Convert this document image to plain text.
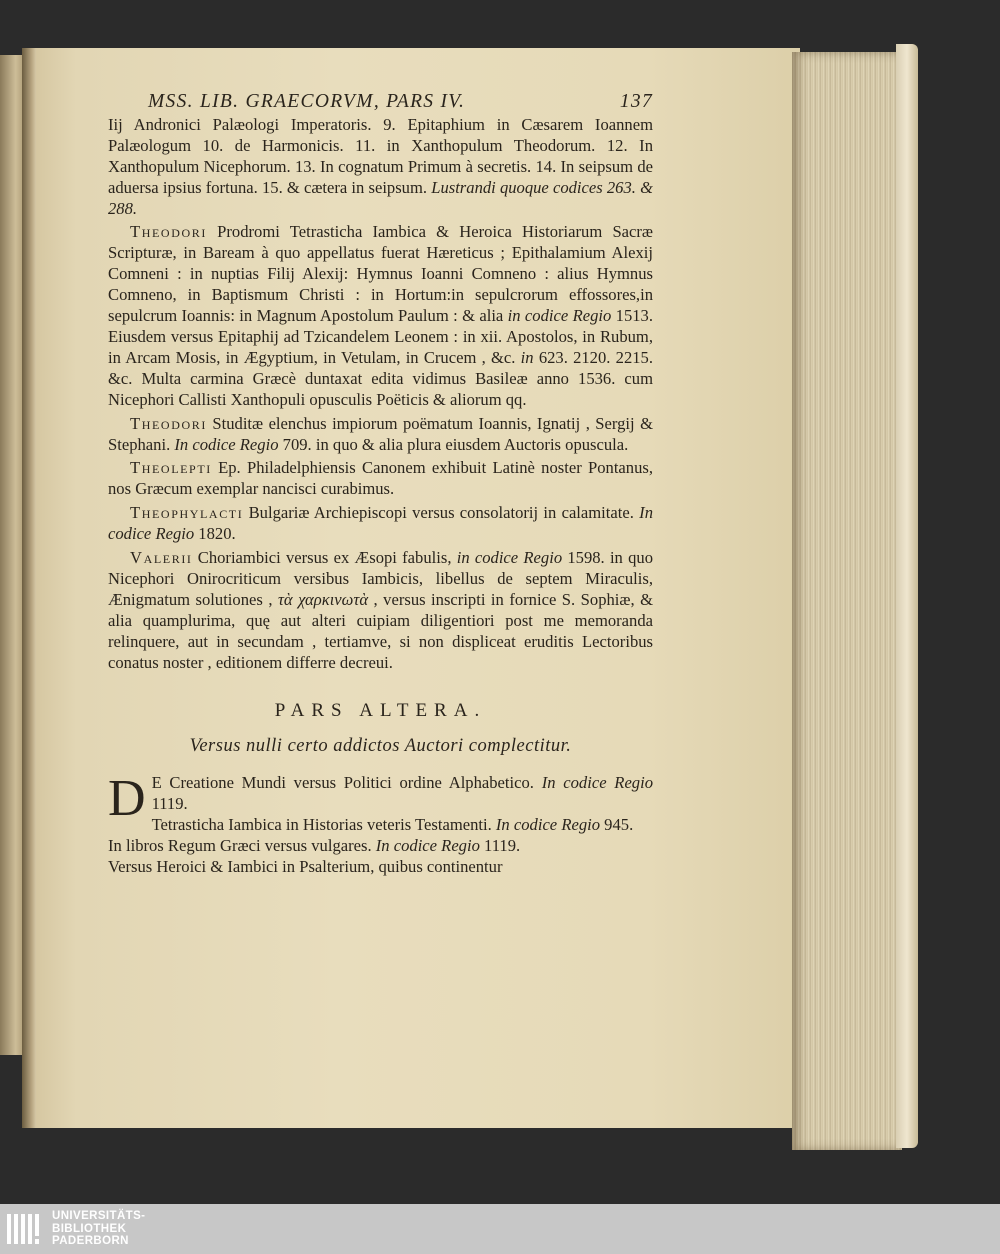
MSS. LIB. GRAECORVM, PARS IV.	137

Iij Andronici Palæologi Imperatoris. 9. Epitaphium in Cæsarem Ioannem Palæologum 10. de Harmonicis. 11. in Xanthopulum Theodorum. 12. In Xanthopulum Nicephorum. 13. In cognatum Primum à secretis. 14. In seipsum de aduersa ipsius fortuna. 15. & cætera in seipsum. Lustrandi quoque codices 263. & 288.

Theodori Prodromi Tetrasticha Iambica & Heroica Historiarum Sacræ Scripturæ, in Baream à quo appellatus fuerat Hæreticus ; Epithalamium Alexij Comneni : in nuptias Filij Alexij: Hymnus Ioanni Comneno : alius Hymnus Comneno, in Baptismum Christi : in Hortum:in sepulcrorum effossores,in sepulcrum Ioannis: in Magnum Apostolum Paulum : & alia in codice Regio 1513. Eiusdem versus Epitaphij ad Tzicandelem Leonem : in xii. Apostolos, in Rubum, in Arcam Mosis, in Ægyptium, in Vetulam, in Crucem , &c. in 623. 2120. 2215. &c. Multa carmina Græcè duntaxat edita vidimus Basileæ anno 1536. cum Nicephori Callisti Xanthopuli opusculis Poëticis & aliorum qq.

Theodori Studitæ elenchus impiorum poëmatum Ioannis, Ignatij , Sergij & Stephani. In codice Regio 709. in quo & alia plura eiusdem Auctoris opuscula.

Theolepti Ep. Philadelphiensis Canonem exhibuit Latinè noster Pontanus, nos Græcum exemplar nancisci curabimus.

Theophylacti Bulgariæ Archiepiscopi versus consolatorij in calamitate. In codice Regio 1820.

Valerii Choriambici versus ex Æsopi fabulis, in codice Regio 1598. in quo Nicephori Onirocriticum versibus Iambicis, libellus de septem Miraculis, Ænigmatum solutiones , τὰ χαρκινωτὰ , versus inscripti in fornice S. Sophiæ, & alia quamplurima, quę aut alteri cuipiam diligentiori post me memoranda relinquere, aut in secundam , tertiamve, si non displiceat eruditis Lectoribus conatus noster , editionem differre decreui.

PARS ALTERA.
Versus nulli certo addictos Auctori complectitur.

D E Creatione Mundi versus Politici ordine Alphabetico. In codice Regio 1119.

Tetrasticha Iambica in Historias veteris Testamenti. In codice Regio 945.

In libros Regum Græci versus vulgares. In codice Regio 1119.

Versus Heroici & Iambici in Psalterium, quibus continentur

UNIVERSITÄTS-
BIBLIOTHEK
PADERBORN
